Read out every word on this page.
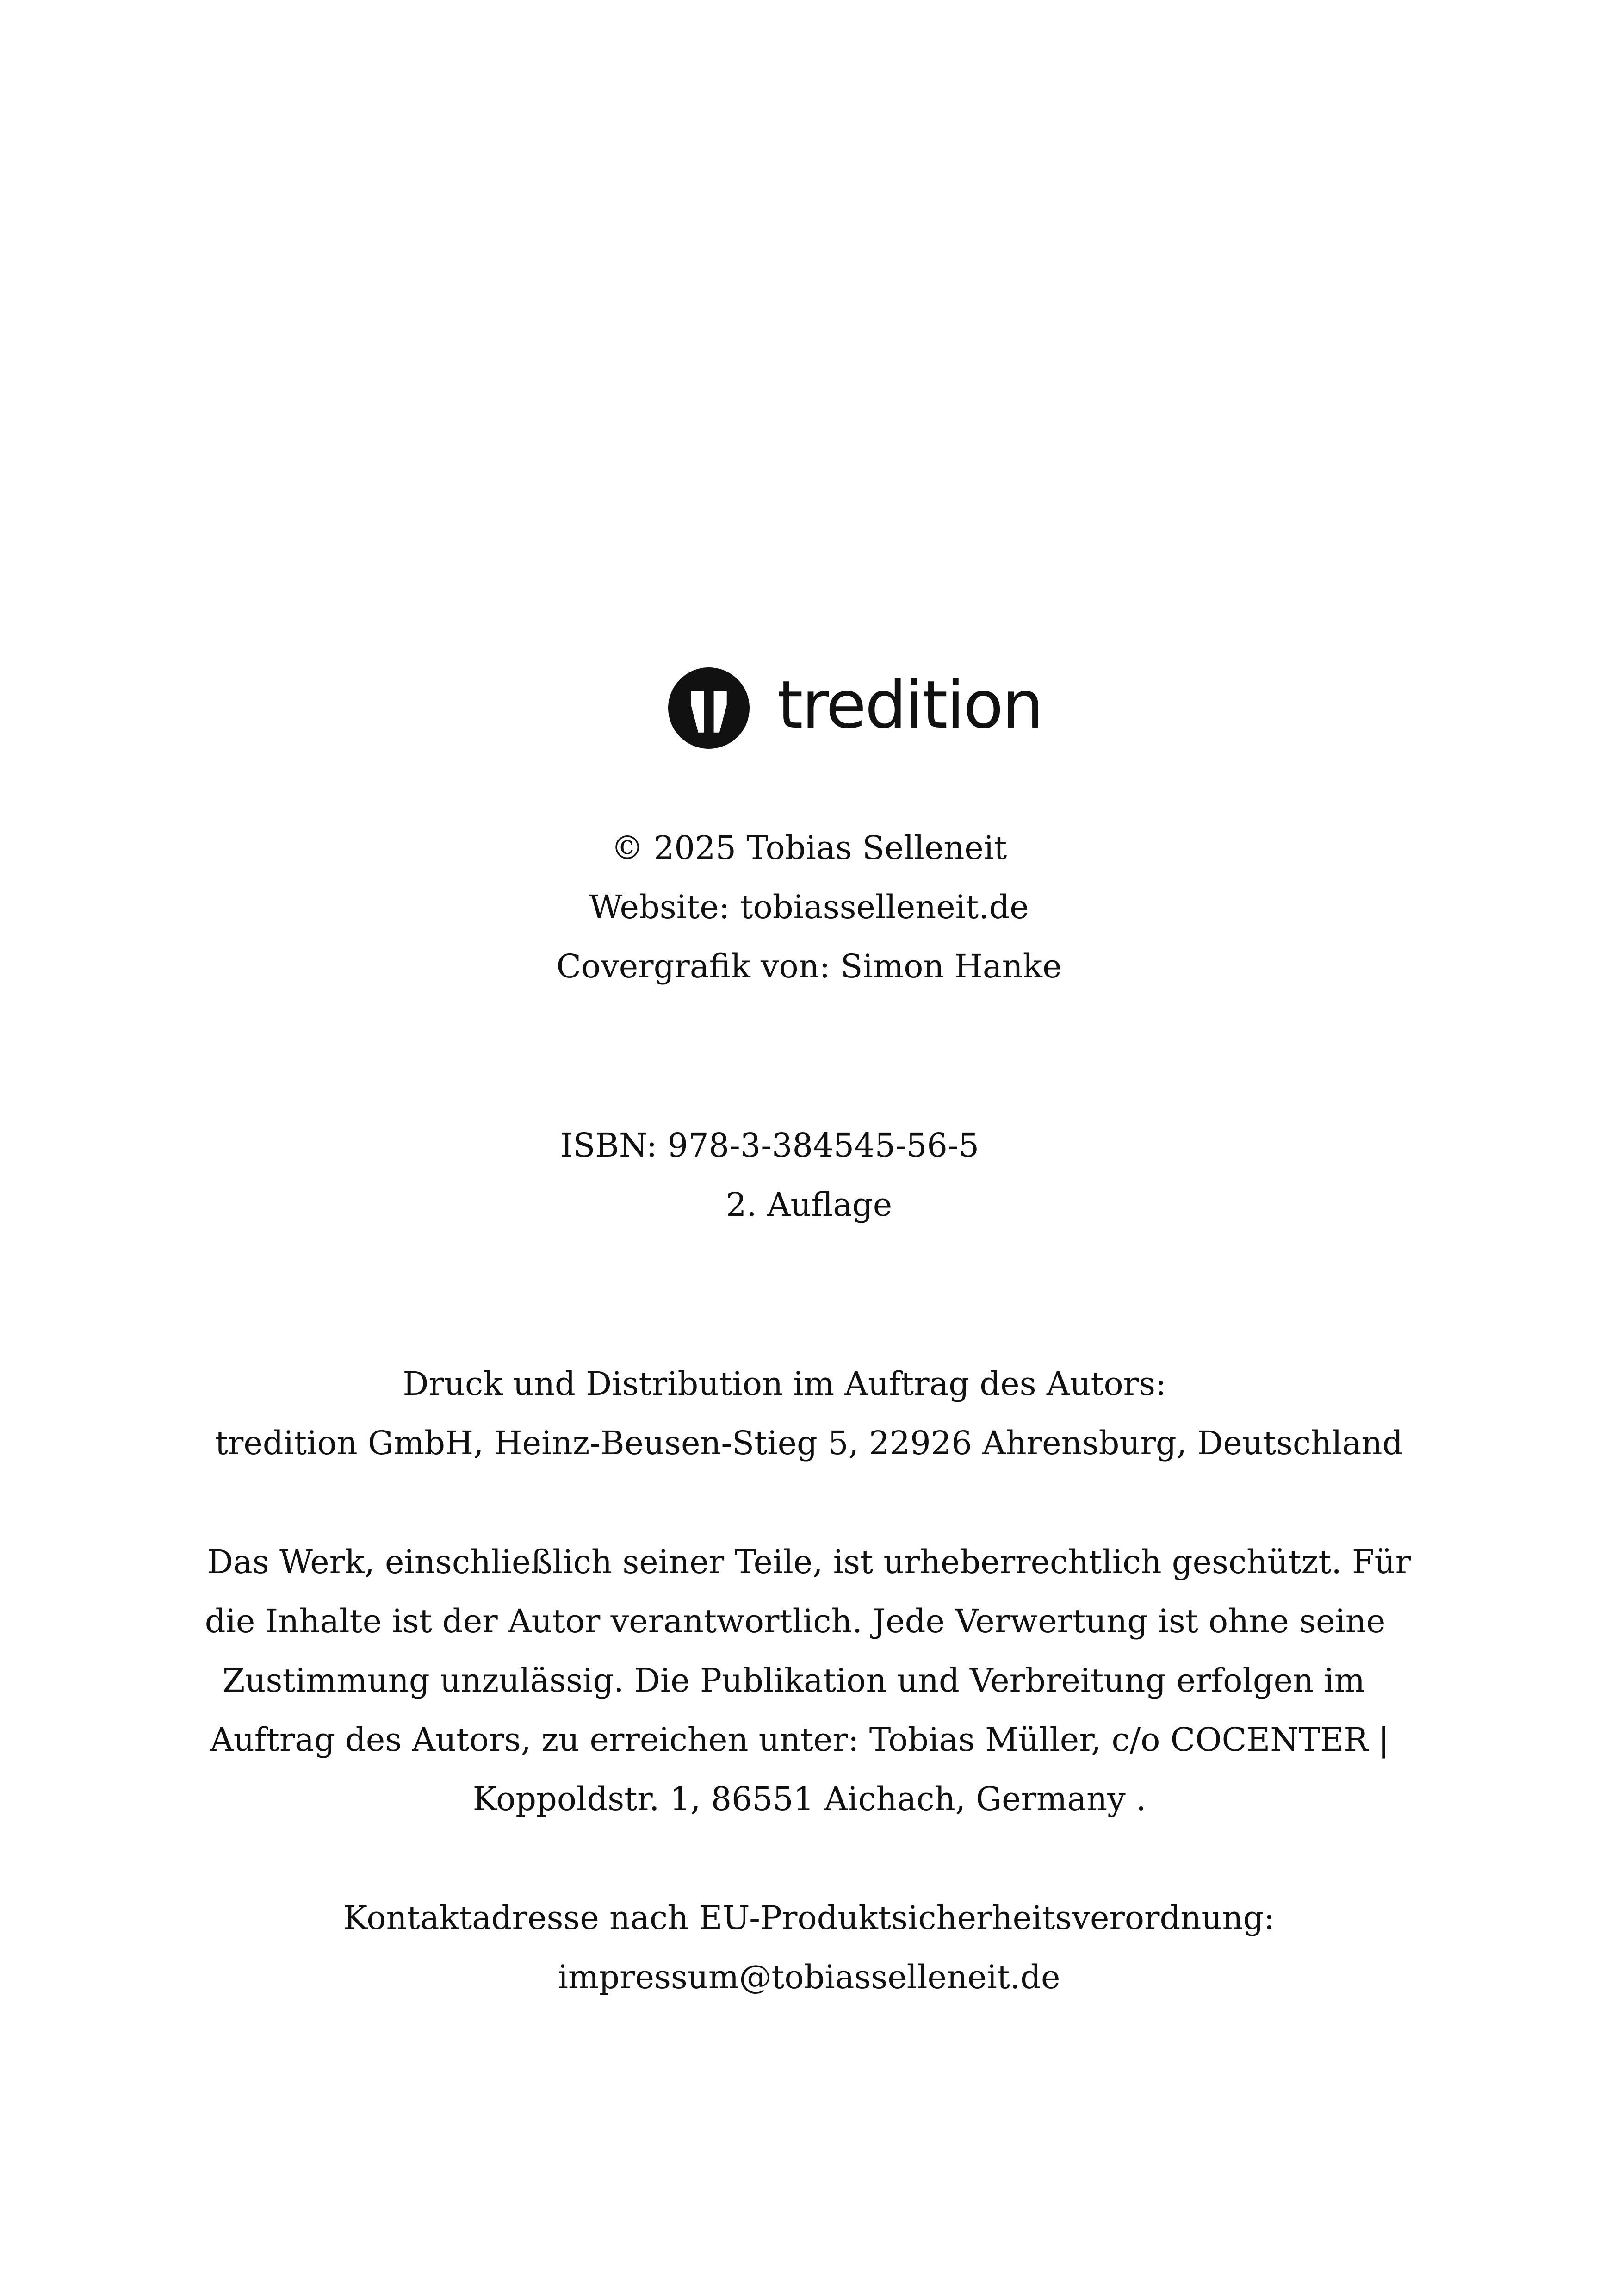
tredition
© 2025 Tobias Selleneit
Website: tobiasselleneit.de
Covergrafik von: Simon Hanke
ISBN: 978-3-384545-56-5
2. Auflage
Druck und Distribution im Auftrag des Autors:
tredition GmbH, Heinz-Beusen-Stieg 5, 22926 Ahrensburg, Deutschland
Das Werk, einschließlich seiner Teile, ist urheberrechtlich geschützt. Für
die Inhalte ist der Autor verantwortlich. Jede Verwertung ist ohne seine
Zustimmung unzulässig. Die Publikation und Verbreitung erfolgen im
Auftrag des Autors, zu erreichen unter: Tobias Müller, c/o COCENTER |
Koppoldstr. 1, 86551 Aichach, Germany .
Kontaktadresse nach EU-Produktsicherheitsverordnung:
impressum@tobiasselleneit.de
